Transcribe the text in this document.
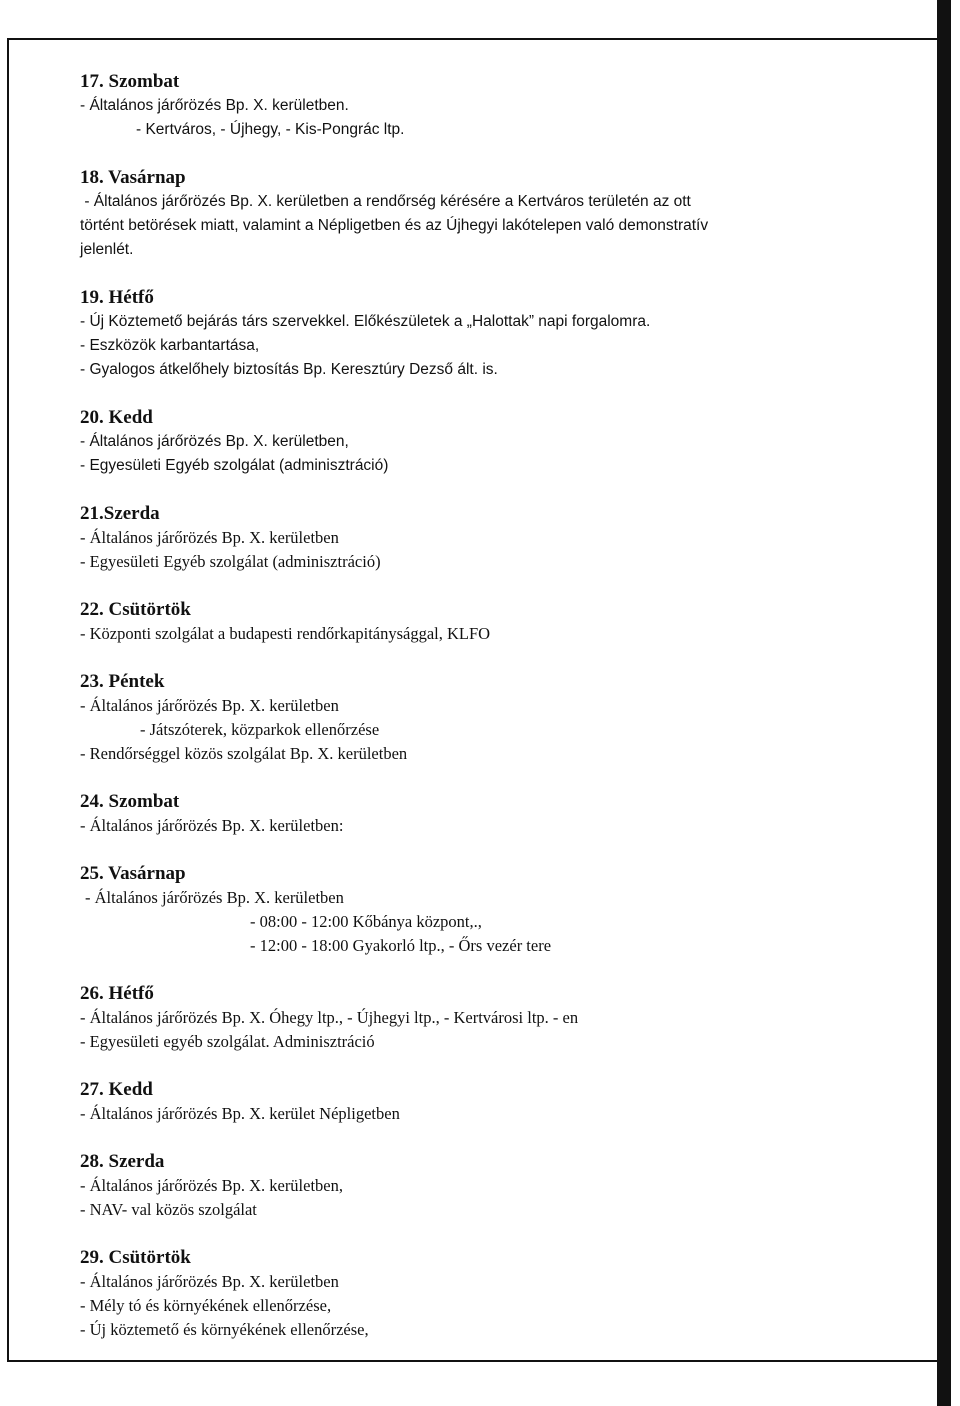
17. Szombat

- Általános járőrözés Bp. X. kerületben.

- Kertváros, - Újhegy, - Kis-Pongrác ltp.

18. Vasárnap

- Általános járőrözés Bp. X. kerületben a rendőrség kérésére a Kertváros területén az ott

történt betörések miatt, valamint a Népligetben és az Újhegyi lakótelepen való demonstratív

jelenlét.

19. Hétfő

- Új Köztemető bejárás társ szervekkel. Előkészületek a „Halottak” napi forgalomra.

- Eszközök karbantartása,

- Gyalogos átkelőhely biztosítás Bp. Keresztúry Dezső ált. is.

20. Kedd

- Általános járőrözés Bp. X. kerületben,

- Egyesületi Egyéb szolgálat (adminisztráció)

21.Szerda

- Általános járőrözés Bp. X. kerületben

- Egyesületi Egyéb szolgálat (adminisztráció)

22. Csütörtök

- Központi szolgálat a budapesti rendőrkapitánysággal, KLFO

23. Péntek

- Általános járőrözés Bp. X. kerületben

- Játszóterek, közparkok ellenőrzése

- Rendőrséggel közös szolgálat Bp. X. kerületben

24. Szombat

- Általános járőrözés Bp. X. kerületben:

25. Vasárnap

- Általános járőrözés Bp. X. kerületben

- 08:00 - 12:00 Kőbánya központ,.,

- 12:00 - 18:00 Gyakorló ltp., - Őrs vezér tere

26. Hétfő

- Általános járőrözés Bp. X. Óhegy ltp., - Újhegyi ltp., - Kertvárosi ltp. - en

- Egyesületi egyéb szolgálat. Adminisztráció

27. Kedd

- Általános járőrözés Bp. X. kerület Népligetben

28. Szerda

- Általános járőrözés Bp. X. kerületben,

- NAV- val közös szolgálat

29. Csütörtök

- Általános járőrözés Bp. X. kerületben

- Mély tó és környékének ellenőrzése,

- Új köztemető és környékének ellenőrzése,
